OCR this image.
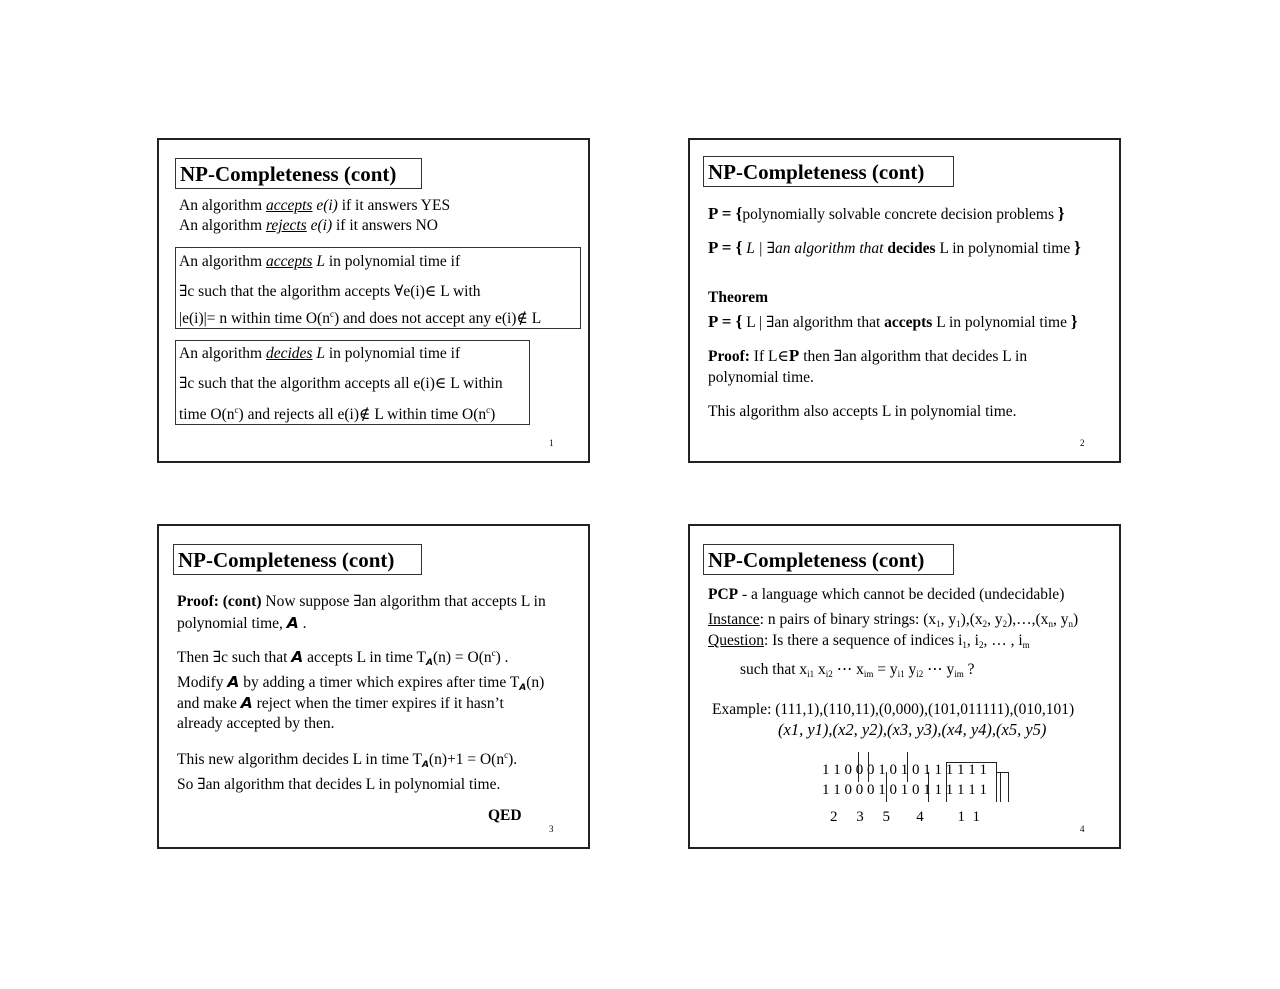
NP-Completeness (cont)
An algorithm accepts e(i) if it answers YES
An algorithm rejects e(i) if it answers NO
An algorithm accepts L in polynomial time if
∃c such that the algorithm accepts ∀e(i)∈ L with
|e(i)|= n within time $O(n^c)$ and does not accept any e(i)∉ L
An algorithm decides L in polynomial time if
∃c such that the algorithm accepts all e(i)∈ L within
time $O(n^c)$ and rejects all e(i)∉ L within time $O(n^c)$
1
NP-Completeness (cont)
P = {polynomially solvable concrete decision problems }
P = { L | ∃an algorithm that decides L in polynomial time }
Theorem
P = { L | ∃an algorithm that accepts L in polynomial time }
Proof: If L∈P then ∃an algorithm that decides L in
polynomial time.
This algorithm also accepts L in polynomial time.
2
NP-Completeness (cont)
Proof: (cont) Now suppose ∃an algorithm that accepts L in
polynomial time, A .
Then ∃c such that A accepts L in time $T_A(n) = O(n^c)$ .
Modify A by adding a timer which expires after time $T_A(n)$
and make A reject when the timer expires if it hasn’t
already accepted by then.
This new algorithm decides L in time $T_A(n)+1 = O(n^c)$.
So ∃an algorithm that decides L in polynomial time.
QED
3
NP-Completeness (cont)
PCP - a language which cannot be decided (undecidable)
Instance: n pairs of binary strings: ($x_1$, $y_1),(x_2$, $y_2),\dots,(x_n$, $y_n$)
Question: Is there a sequence of indices $i_1$, $i_2$, … , $i_m$
such that $x_{i1}$ $x_{i2}$ ⋯ $x_{im} = y_{i1}$ $y_{i2}$ ⋯ $y_{im}$ ?
Example: (111,1),(110,11),(0,000),(101,011111),(010,101)
(x1, y1),(x2, y2),(x3, y3),(x4, y4),(x5, y5)
1 1 0 0 0 1 0 1 0 1 1 1 1 1 1
1 1 0 0 0 1 0 1 0 1 1 1 1 1 1
2     3     5       4         1  1
4
